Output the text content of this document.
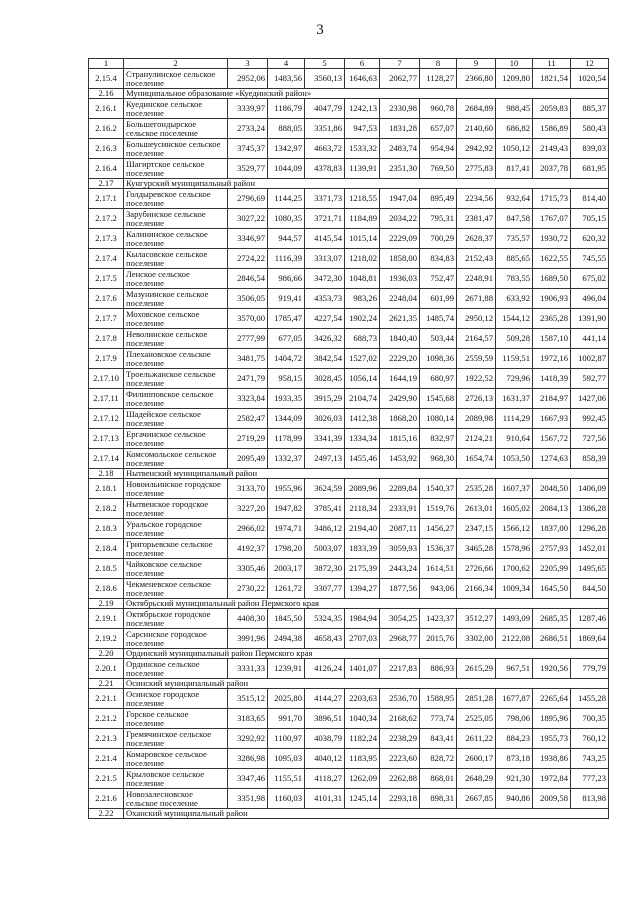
3
1	2	3	4	5	6	7	8	9	10	11	12
2.15.4	Странулинское сельское поселение	2952,06	1483,56	3560,13	1646,63	2062,77	1128,27	2366,80	1209,80	1821,54	1020,54
2.16	Муниципальное образование «Куединский район»										
2.16.1	Куединское сельское поселение	3339,97	1186,79	4047,79	1242,13	2330,98	960,78	2684,89	988,45	2059,83	885,37
2.16.2	Большегондырское сельское поселение	2733,24	888,05	3351,86	947,53	1831,28	657,07	2140,60	686,82	1586,89	580,43
2.16.3	Большеусинское сельское поселение	3745,37	1342,97	4663,72	1533,32	2483,74	954,94	2942,92	1050,12	2149,43	839,03
2.16.4	Шагиртское сельское поселение	3529,77	1044,09	4378,83	1139,91	2351,30	769,50	2775,83	817,41	2037,78	681,95
2.17	Кунгурский муниципальный район										
2.17.1	Голдыревское сельское поселение	2796,69	1144,25	3371,73	1218,55	1947,04	895,49	2234,56	932,64	1715,73	814,40
2.17.2	Зарубинское сельское поселение	3027,22	1080,35	3721,71	1184,89	2034,22	795,31	2381,47	847,58	1767,07	705,15
2.17.3	Калининское сельское поселение	3346,97	944,57	4145,54	1015,14	2229,09	700,29	2628,37	735,57	1930,72	620,32
2.17.4	Кыласовское сельское поселение	2724,22	1116,39	3313,07	1218,02	1858,00	834,83	2152,43	885,65	1622,55	745,55
2.17.5	Ленское сельское поселение	2846,54	986,66	3472,30	1048,81	1936,03	752,47	2248,91	783,55	1689,50	675,02
2.17.6	Мазунинское сельское поселение	3506,05	919,41	4353,73	983,26	2248,04	601,99	2671,88	633,92	1906,93	496,04
2.17.7	Моховское сельское поселение	3570,00	1785,47	4227,54	1902,24	2621,35	1485,74	2950,12	1544,12	2365,28	1391,90
2.17.8	Неволинское сельское поселение	2777,99	677,05	3426,32	688,73	1840,40	503,44	2164,57	509,28	1587,10	441,14
2.17.9	Плехановское сельское поселение	3481,75	1404,72	3842,54	1527,02	2229,20	1098,36	2559,59	1159,51	1972,16	1002,87
2.17.10	Троельжанское сельское поселение	2471,79	958,15	3028,45	1056,14	1644,19	680,97	1922,52	729,96	1418,39	592,77
2.17.11	Филипповское сельское поселение	3323,84	1933,35	3915,29	2104,74	2429,90	1545,68	2726,13	1631,37	2184,97	1427,06
2.17.12	Шадейское сельское поселение	2582,47	1344,09	3026,03	1412,38	1868,20	1080,14	2089,98	1114,29	1667,93	992,45
2.17.13	Ергачинское сельское поселение	2719,29	1178,99	3341,39	1334,34	1815,16	832,97	2124,21	910,64	1567,72	727,56
2.17.14	Комсомольское сельское поселение	2095,49	1332,37	2497,13	1455,46	1453,92	968,30	1654,74	1053,50	1274,63	858,39
2.18	Нытвенский муниципальный район										
2.18.1	Новоильинское городское поселение	3133,70	1955,96	3624,59	2089,96	2289,84	1540,37	2535,28	1607,37	2048,50	1406,09
2.18.2	Нытвенское городское поселение	3227,20	1947,82	3785,41	2118,34	2333,91	1519,76	2613,01	1605,02	2084,13	1386,28
2.18.3	Уральское городское поселение	2966,02	1974,71	3486,12	2194,40	2087,11	1456,27	2347,15	1566,12	1837,00	1296,28
2.18.4	Григорьевское сельское поселение	4192,37	1798,20	5003,07	1833,39	3059,93	1536,37	3465,28	1578,96	2757,93	1452,01
2.18.5	Чайковское сельское поселение	3305,46	2003,17	3872,30	2175,39	2443,24	1614,51	2726,66	1700,62	2205,99	1495,65
2.18.6	Чекменевское сельское поселение	2730,22	1261,72	3307,77	1394,27	1877,56	943,06	2166,34	1009,34	1645,50	844,50
2.19	Октябрьский муниципальный район Пермского края										
2.19.1	Октябрьское городское поселение	4408,30	1845,50	5324,35	1984,94	3054,25	1423,37	3512,27	1493,09	2685,35	1287,46
2.19.2	Сарсинское городское поселение	3991,96	2494,38	4658,43	2707,03	2968,77	2015,76	3302,00	2122,08	2686,51	1869,64
2.20	Ординский муниципальный район Пермского края										
2.20.1	Ординское сельское поселение	3331,33	1239,91	4126,24	1401,07	2217,83	886,93	2615,29	967,51	1920,56	779,79
2.21	Осинский муниципальный район										
2.21.1	Осинское городское поселение	3515,12	2025,80	4144,27	2203,63	2536,70	1588,95	2851,28	1677,87	2265,64	1455,28
2.21.2	Горское сельское поселение	3183,65	991,70	3896,51	1040,34	2168,62	773,74	2525,05	798,06	1895,96	700,35
2.21.3	Гремячинское сельское поселение	3292,92	1100,97	4038,79	1182,24	2238,29	843,41	2611,22	884,23	1955,73	760,12
2.21.4	Комаровское сельское поселение	3286,98	1095,03	4040,12	1183,95	2223,60	828,72	2600,17	873,18	1938,86	743,25
2.21.5	Крыловское сельское поселение	3347,46	1155,51	4118,27	1262,09	2262,88	868,01	2648,29	921,30	1972,84	777,23
2.21.6	Новозалесновское сельское поселение	3351,98	1160,03	4101,31	1245,14	2293,18	898,31	2667,85	940,86	2009,58	813,98
2.22	Оханский муниципальный район										
